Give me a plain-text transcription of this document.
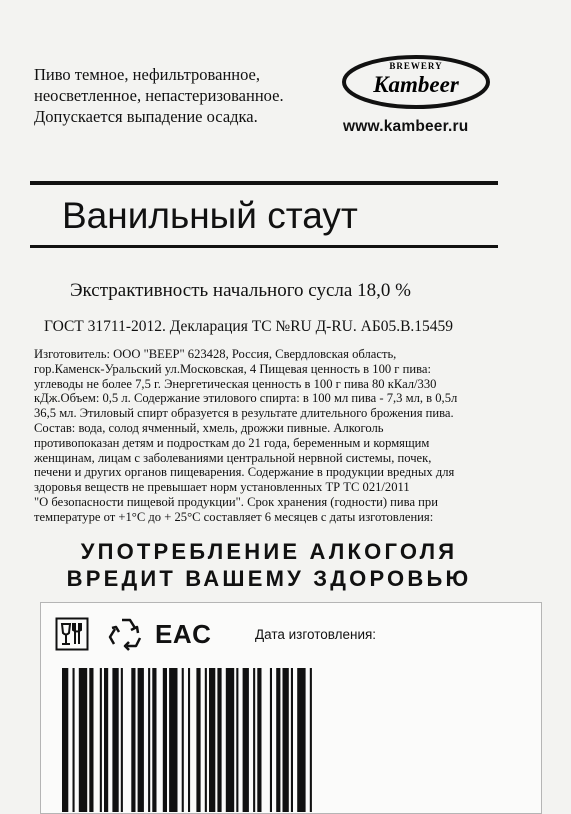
Пиво темное, нефильтрованное,
неосветленное, непастеризованное.
Допускается выпадение осадка.
BREWERY
Kambeer
www.kambeer.ru
Ванильный стаут
Экстрактивность начального сусла 18,0 %
ГОСТ 31711-2012. Декларация ТС №RU Д-RU. АБ05.В.15459
Изготовитель: ООО "BEEP" 623428, Россия, Свердловская область,
гор.Каменск-Уральский ул.Московская, 4 Пищевая ценность в 100 г пива:
углеводы не более 7,5 г. Энергетическая ценность в 100 г пива 80 кКал/330
кДж.Объем: 0,5 л. Содержание этилового спирта: в 100 мл пива - 7,3 мл, в 0,5л
36,5 мл. Этиловый спирт образуется в результате длительного брожения пива.
Состав: вода, солод ячменный, хмель, дрожжи пивные. Алкоголь
противопоказан детям и подросткам до 21 года, беременным и кормящим
женщинам, лицам с заболеваниями центральной нервной системы, почек,
печени и других органов пищеварения. Содержание в продукции вредных для
здоровья веществ не превышает норм установленных ТР ТС 021/2011
"О безопасности пищевой продукции". Срок хранения (годности) пива при
температуре от +1°С до + 25°С составляет 6 месяцев с даты изготовления:
УПОТРЕБЛЕНИЕ АЛКОГОЛЯ
ВРЕДИТ ВАШЕМУ ЗДОРОВЬЮ
EAC	Дата изготовления:
